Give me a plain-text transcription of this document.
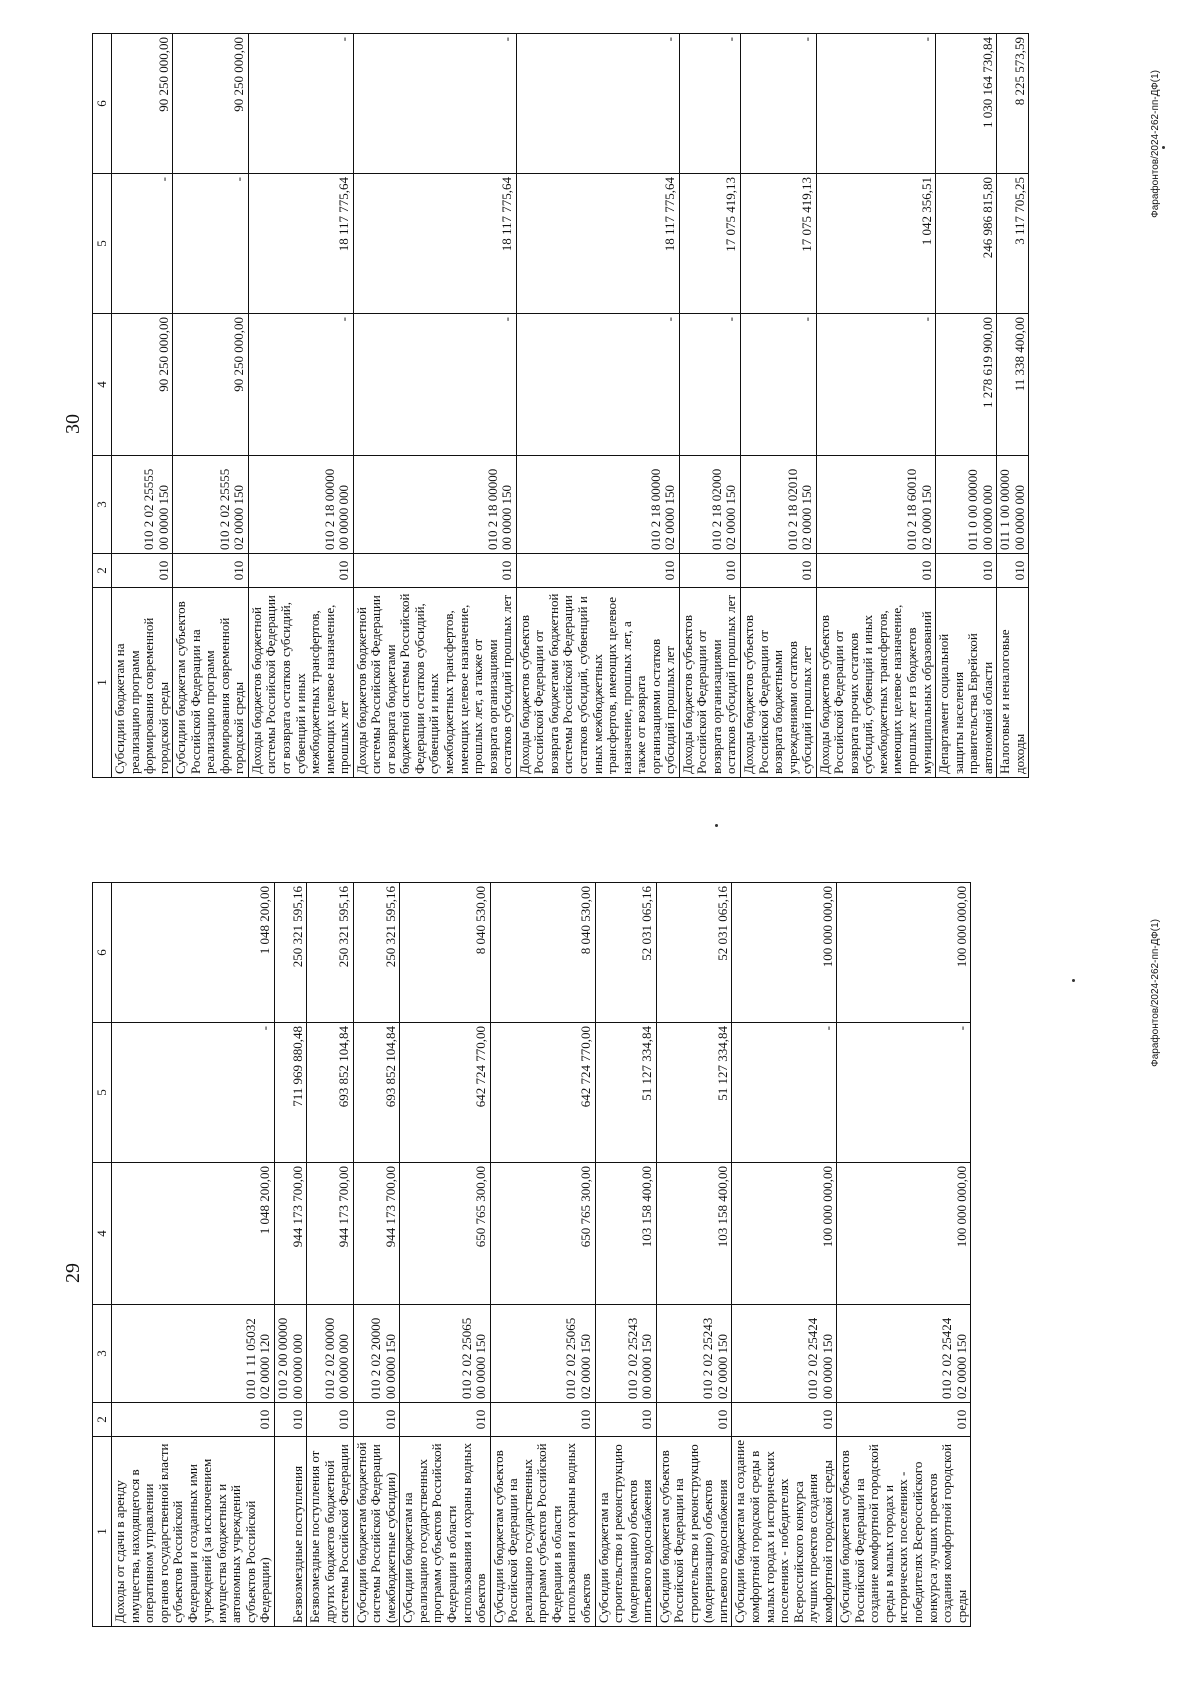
29
1	2	3	4	5	6
Доходы от сдачи в аренду имущества, находящегося в оперативном управлении органов государственной власти субъектов Российской Федерации и созданных ими учреждений (за исключением имущества бюджетных и автономных учреждений субъектов Российской Федерации)	010	010 1 11 05032 02 0000 120	1 048 200,00	-	1 048 200,00
Безвозмездные поступления	010	010 2 00 00000 00 0000 000	944 173 700,00	711 969 880,48	250 321 595,16
Безвозмездные поступления от других бюджетов бюджетной системы Российской Федерации	010	010 2 02 00000 00 0000 000	944 173 700,00	693 852 104,84	250 321 595,16
Субсидии бюджетам бюджетной системы Российской Федерации (межбюджетные субсидии)	010	010 2 02 20000 00 0000 150	944 173 700,00	693 852 104,84	250 321 595,16
Субсидии бюджетам на реализацию государственных программ субъектов Российской Федерации в области использования и охраны водных объектов	010	010 2 02 25065 00 0000 150	650 765 300,00	642 724 770,00	8 040 530,00
Субсидии бюджетам субъектов Российской Федерации на реализацию государственных программ субъектов Российской Федерации в области использования и охраны водных объектов	010	010 2 02 25065 02 0000 150	650 765 300,00	642 724 770,00	8 040 530,00
Субсидии бюджетам на строительство и реконструкцию (модернизацию) объектов питьевого водоснабжения	010	010 2 02 25243 00 0000 150	103 158 400,00	51 127 334,84	52 031 065,16
Субсидии бюджетам субъектов Российской Федерации на строительство и реконструкцию (модернизацию) объектов питьевого водоснабжения	010	010 2 02 25243 02 0000 150	103 158 400,00	51 127 334,84	52 031 065,16
Субсидии бюджетам на создание комфортной городской среды в малых городах и исторических поселениях - победителях Всероссийского конкурса лучших проектов создания комфортной городской среды	010	010 2 02 25424 00 0000 150	100 000 000,00	-	100 000 000,00
Субсидии бюджетам субъектов Российской Федерации на создание комфортной городской среды в малых городах и исторических поселениях - победителях Всероссийского конкурса лучших проектов создания комфортной городской среды	010	010 2 02 25424 02 0000 150	100 000 000,00	-	100 000 000,00	Фарафонтов/2024-262-пп-ДФ(1)
30
1	2	3	4	5	6
Субсидии бюджетам на реализацию программ формирования современной городской среды	010	010 2 02 25555 00 0000 150	90 250 000,00	-	90 250 000,00
Субсидии бюджетам субъектов Российской Федерации на реализацию программ формирования современной городской среды	010	010 2 02 25555 02 0000 150	90 250 000,00	-	90 250 000,00
Доходы бюджетов бюджетной системы Российской Федерации от возврата остатков субсидий, субвенций и иных межбюджетных трансфертов, имеющих целевое назначение, прошлых лет	010	010 2 18 00000 00 0000 000	-	18 117 775,64	-
Доходы бюджетов бюджетной системы Российской Федерации от возврата бюджетами бюджетной системы Российской Федерации остатков субсидий, субвенций и иных межбюджетных трансфертов, имеющих целевое назначение, прошлых лет, а также от возврата организациями остатков субсидий прошлых лет	010	010 2 18 00000 00 0000 150	-	18 117 775,64	-
Доходы бюджетов субъектов Российской Федерации от возврата бюджетами бюджетной системы Российской Федерации остатков субсидий, субвенций и иных межбюджетных трансфертов, имеющих целевое назначение, прошлых лет, а также от возврата организациями остатков субсидий прошлых лет	010	010 2 18 00000 02 0000 150	-	18 117 775,64	-
Доходы бюджетов субъектов Российской Федерации от возврата организациями остатков субсидий прошлых лет	010	010 2 18 02000 02 0000 150	-	17 075 419,13	-
Доходы бюджетов субъектов Российской Федерации от возврата бюджетными учреждениями остатков субсидий прошлых лет	010	010 2 18 02010 02 0000 150	-	17 075 419,13	-
Доходы бюджетов субъектов Российской Федерации от возврата прочих остатков субсидий, субвенций и иных межбюджетных трансфертов, имеющих целевое назначение, прошлых лет из бюджетов муниципальных образований	010	010 2 18 60010 02 0000 150	-	1 042 356,51	-
Департамент социальной защиты населения правительства Еврейской автономной области	010	011 0 00 00000 00 0000 000	1 278 619 900,00	246 986 815,80	1 030 164 730,84
Налоговые и неналоговые доходы	010	011 1 00 00000 00 0000 000	11 338 400,00	3 117 705,25	8 225 573,59	Фарафонтов/2024-262-пп-ДФ(1)
